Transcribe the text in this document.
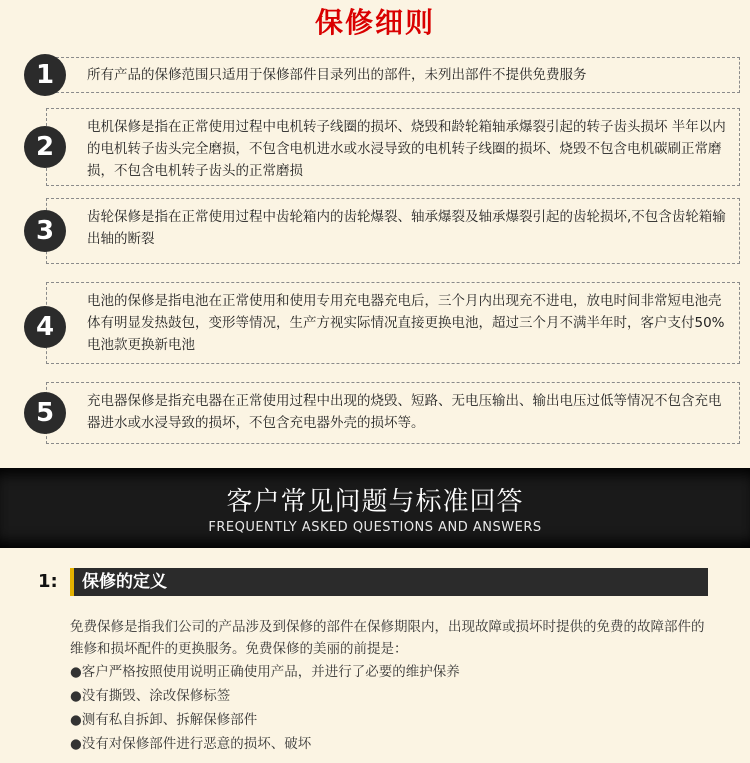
保修细则
所有产品的保修范围只适用于保修部件目录列出的部件，未列出部件不提供免费服务
1
电机保修是指在正常使用过程中电机转子线圈的损坏、烧毁和龄轮箱轴承爆裂引起的转子齿头损坏 半年以内的电机转子齿头完全磨损，不包含电机进水或水浸导致的电机转子线圈的损坏、烧毁不包含电机碳刷正常磨损，不包含电机转子齿头的正常磨损
2
齿轮保修是指在正常使用过程中齿轮箱内的齿轮爆裂、轴承爆裂及轴承爆裂引起的齿轮损坏,不包含齿轮箱输出轴的断裂
3
电池的保修是指电池在正常使用和使用专用充电器充电后，三个月内出现充不进电，放电时间非常短电池壳体有明显发热鼓包，变形等情况，生产方视实际情况直接更换电池，超过三个月不满半年时，客户支付50%电池款更换新电池
4
充电器保修是指充电器在正常使用过程中出现的烧毁、短路、无电压输出、输出电压过低等情况不包含充电器进水或水浸导致的损坏，不包含充电器外壳的损坏等。
5
客户常见问题与标准回答
FREQUENTLY ASKED QUESTIONS AND ANSWERS
1: 保修的定义
免费保修是指我们公司的产品涉及到保修的部件在保修期限内，出现故障或损坏时提供的免费的故障部件的维修和损坏配件的更换服务。免费保修的美丽的前提是：
●客户严格按照使用说明正确使用产品，并进行了必要的维护保养
●没有撕毁、涂改保修标签
●测有私自拆卸、拆解保修部件
●没有对保修部件进行恶意的损坏、破坏
